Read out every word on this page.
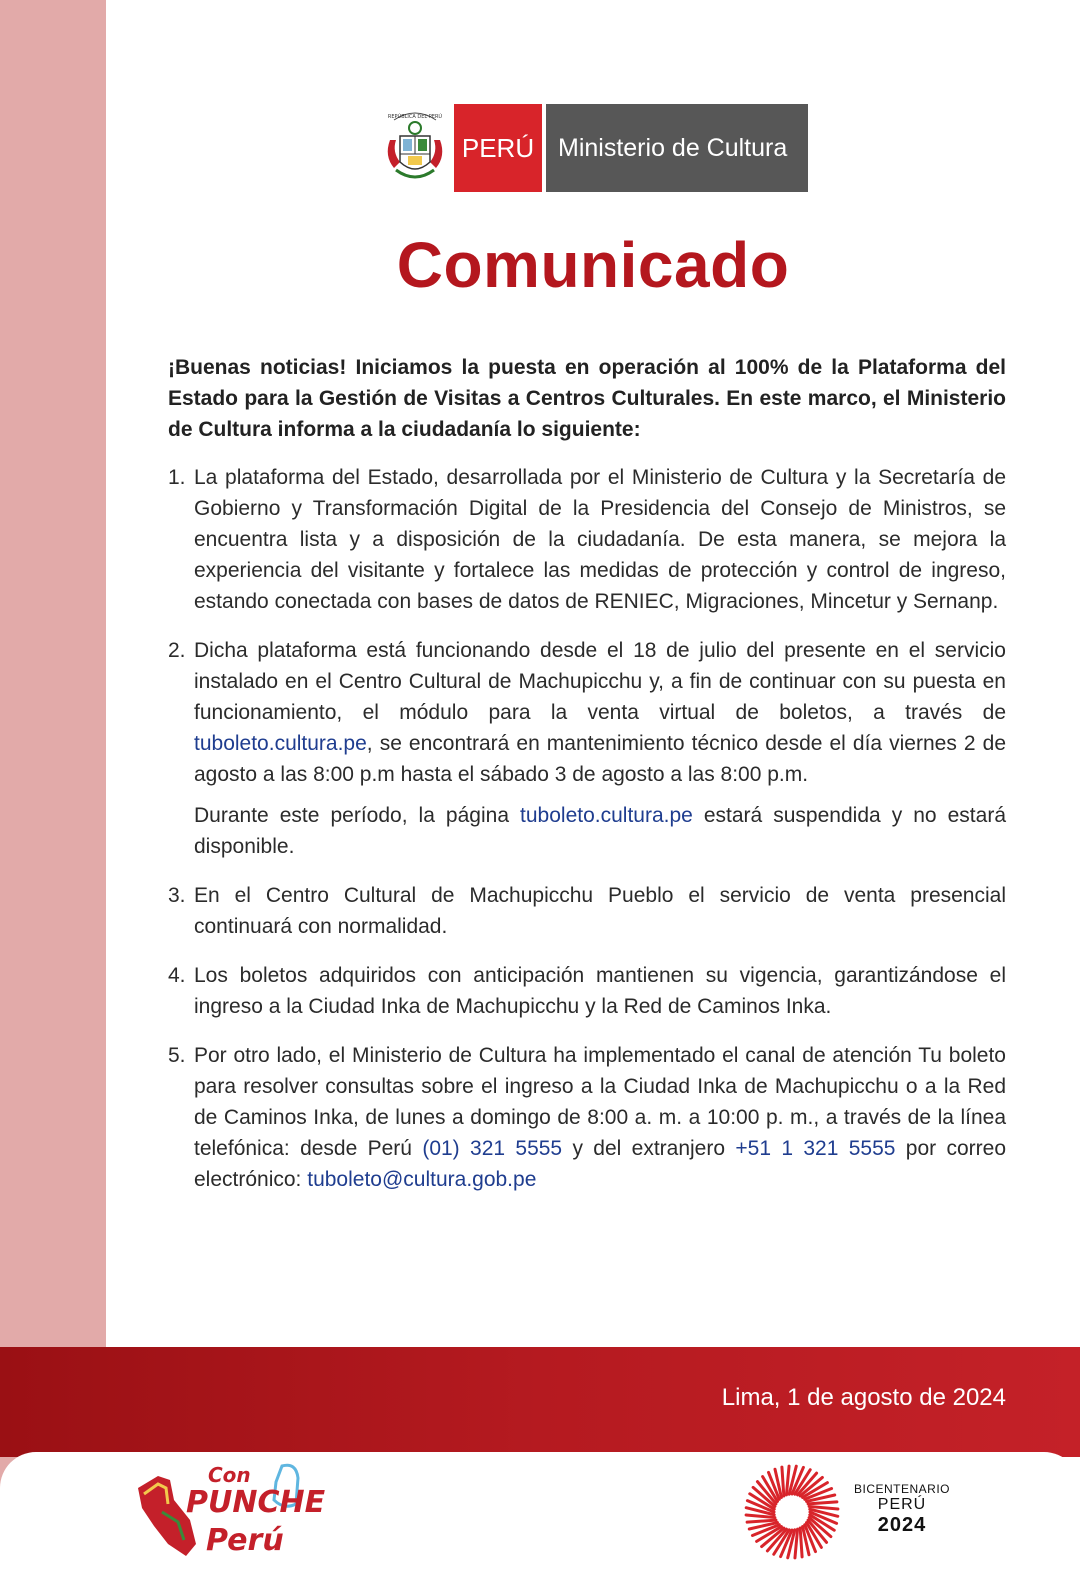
REPÚBLICA DEL PERÚ
PERÚ Ministerio de Cultura
Comunicado

¡Buenas noticias! Iniciamos la puesta en operación al 100% de la Plataforma del Estado para la Gestión de Visitas a Centros Culturales. En este marco, el Ministerio de Cultura informa a la ciudadanía lo siguiente:

1. La plataforma del Estado, desarrollada por el Ministerio de Cultura y la Secretaría de Gobierno y Transformación Digital de la Presidencia del Consejo de Ministros, se encuentra lista y a disposición de la ciudadanía. De esta manera, se mejora la experiencia del visitante y fortalece las medidas de protección y control de ingreso, estando conectada con bases de datos de RENIEC, Migraciones, Mincetur y Sernanp.
2. Dicha plataforma está funcionando desde el 18 de julio del presente en el servicio instalado en el Centro Cultural de Machupicchu y, a fin de continuar con su puesta en funcionamiento, el módulo para la venta virtual de boletos, a través de tuboleto.cultura.pe, se encontrará en mantenimiento técnico desde el día viernes 2 de agosto a las 8:00 p.m hasta el sábado 3 de agosto a las 8:00 p.m.

Durante este período, la página tuboleto.cultura.pe estará suspendida y no estará disponible.

3. En el Centro Cultural de Machupicchu Pueblo el servicio de venta presencial continuará con normalidad.
4. Los boletos adquiridos con anticipación mantienen su vigencia, garantizándose el ingreso a la Ciudad Inka de Machupicchu y la Red de Caminos Inka.
5. Por otro lado, el Ministerio de Cultura ha implementado el canal de atención Tu boleto para resolver consultas sobre el ingreso a la Ciudad Inka de Machupicchu o a la Red de Caminos Inka, de lunes a domingo de 8:00 a. m. a 10:00 p. m., a través de la línea telefónica: desde Perú (01) 321 5555 y del extranjero +51 1 321 5555 por correo electrónico: tuboleto@cultura.gob.pe
Lima, 1 de agosto de 2024
Con
PUNCHE
Perú
BICENTENARIO
PERÚ
2024
